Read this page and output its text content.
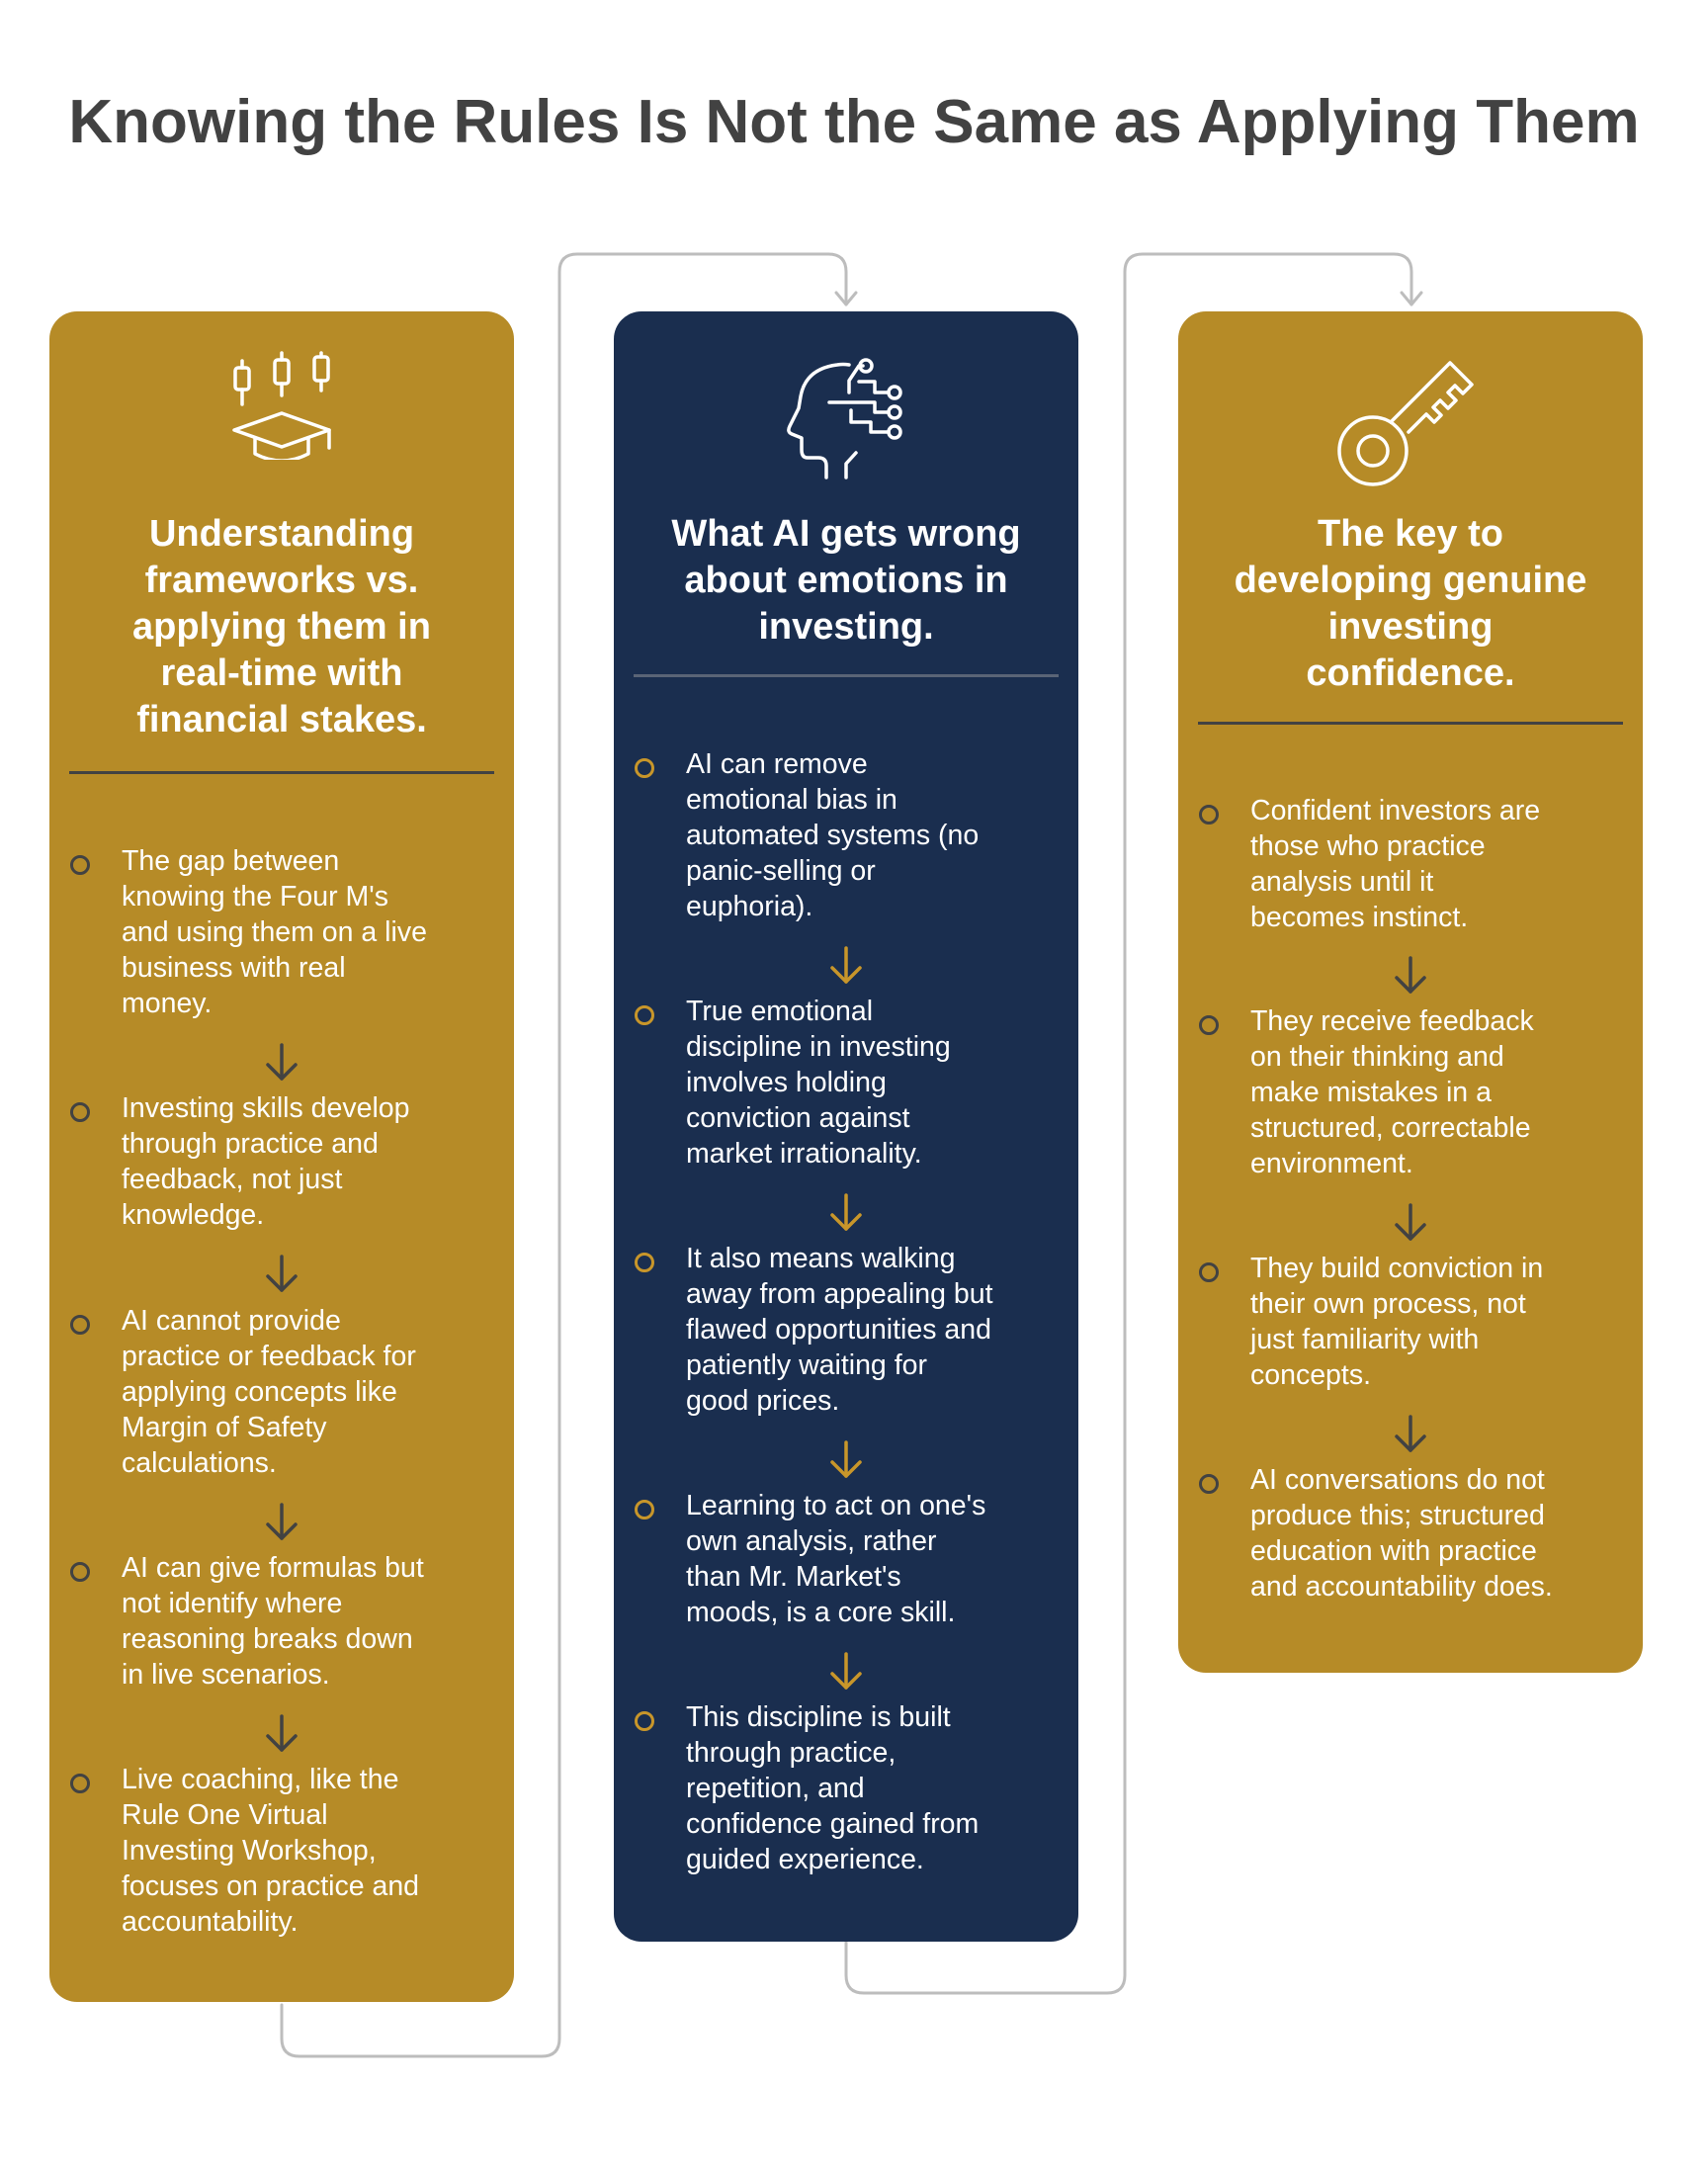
Knowing the Rules Is Not the Same as Applying Them
Understanding
frameworks vs.
applying them in
real-time with
financial stakes.
The gap between
knowing the Four M's
and using them on a live
business with real
money.
Investing skills develop
through practice and
feedback, not just
knowledge.
AI cannot provide
practice or feedback for
applying concepts like
Margin of Safety
calculations.
AI can give formulas but
not identify where
reasoning breaks down
in live scenarios.
Live coaching, like the
Rule One Virtual
Investing Workshop,
focuses on practice and
accountability.
What AI gets wrong
about emotions in
investing.
AI can remove
emotional bias in
automated systems (no
panic-selling or
euphoria).
True emotional
discipline in investing
involves holding
conviction against
market irrationality.
It also means walking
away from appealing but
flawed opportunities and
patiently waiting for
good prices.
Learning to act on one's
own analysis, rather
than Mr. Market's
moods, is a core skill.
This discipline is built
through practice,
repetition, and
confidence gained from
guided experience.
The key to
developing genuine
investing
confidence.
Confident investors are
those who practice
analysis until it
becomes instinct.
They receive feedback
on their thinking and
make mistakes in a
structured, correctable
environment.
They build conviction in
their own process, not
just familiarity with
concepts.
AI conversations do not
produce this; structured
education with practice
and accountability does.
